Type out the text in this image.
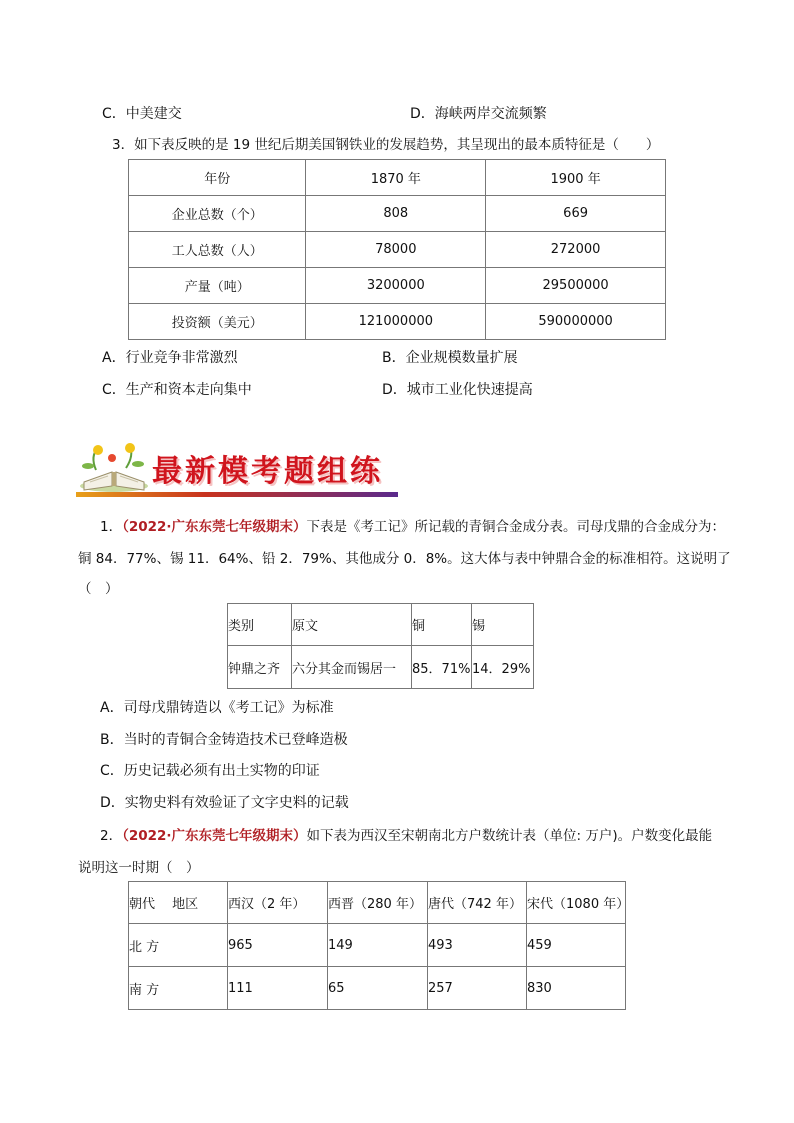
C．中美建交	D．海峡两岸交流频繁
3．如下表反映的是 19 世纪后期美国钢铁业的发展趋势，其呈现出的最本质特征是（　　）
年份	1870 年	1900 年
企业总数（个）	808	669
工人总数（人）	78000	272000
产量（吨）	3200000	29500000
投资额（美元）	121000000	590000000
A．行业竞争非常激烈	B．企业规模数量扩展
C．生产和资本走向集中	D．城市工业化快速提高
最新模考题组练
1．（2022·广东东莞七年级期末）下表是《考工记》所记载的青铜合金成分表。司母戊鼎的合金成分为：
铜 84．77%、锡 11．64%、铅 2．79%、其他成分 0．8%。这大体与表中钟鼎合金的标准相符。这说明了
（　）
类别	原文	铜	锡
钟鼎之齐	六分其金而锡居一	85．71%	14．29%
A．司母戊鼎铸造以《考工记》为标准
B．当时的青铜合金铸造技术已登峰造极
C．历史记载必须有出土实物的印证
D．实物史料有效验证了文字史料的记载
2．（2022·广东东莞七年级期末）如下表为西汉至宋朝南北方户数统计表（单位: 万户)。户数变化最能
说明这一时期（　）
朝代　 地区	西汉（2 年）	西晋（280 年）	唐代（742 年）	宋代（1080 年）
北 方	965	149	493	459
南 方	111	65	257	830
